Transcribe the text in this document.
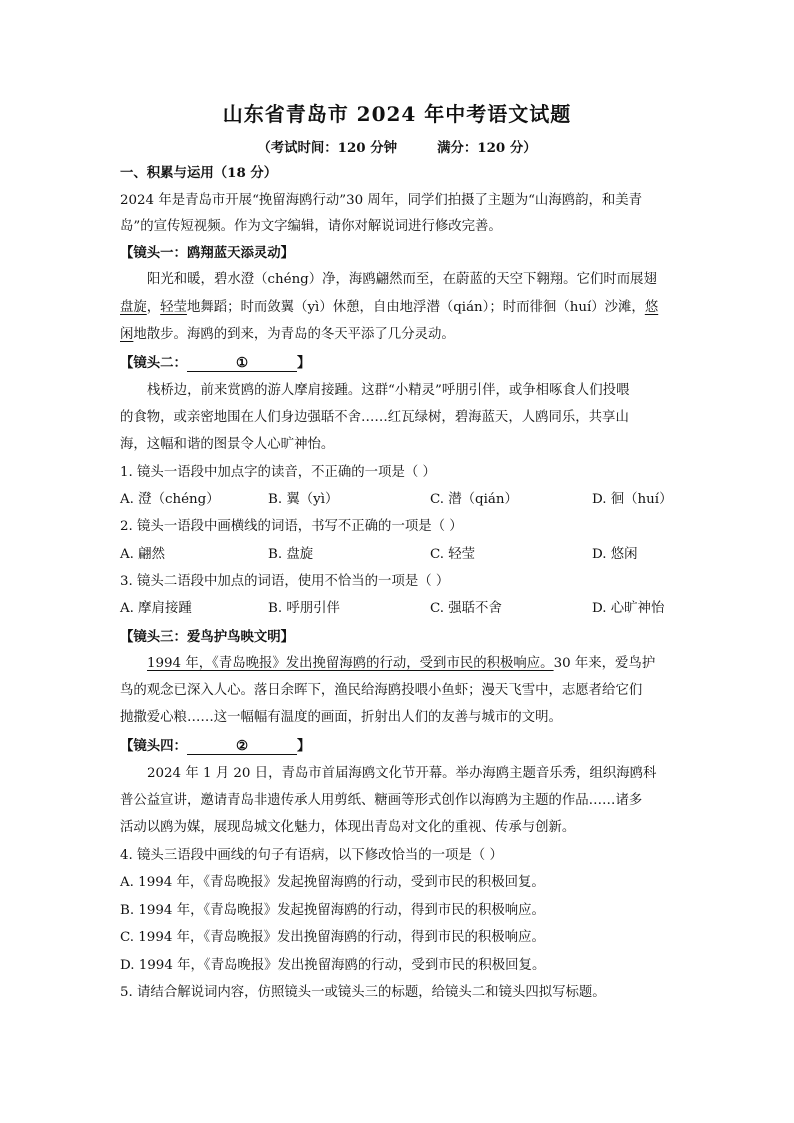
山东省青岛市 2024 年中考语文试题
（考试时间：120 分钟	满分：120 分）
一、积累与运用（18 分）
2024 年是青岛市开展“挽留海鸥行动”30 周年，同学们拍摄了主题为“山海鸥韵，和美青
岛”的宣传短视频。作为文字编辑，请你对解说词进行修改完善。
【镜头一：鸥翔蓝天添灵动】
阳光和暖，碧水澄（chéng）净，海鸥翩然而至，在蔚蓝的天空下翱翔。它们时而展翅
盘旋，轻莹地舞蹈；时而敛翼（yì）休憩，自由地浮潜（qián）；时而徘徊（huí）沙滩，悠
闲地散步。海鸥的到来，为青岛的冬天平添了几分灵动。
【镜头二：	①	】
栈桥边，前来赏鸥的游人摩肩接踵。这群“小精灵”呼朋引伴，或争相啄食人们投喂
的食物，或亲密地围在人们身边强聒不舍……红瓦绿树，碧海蓝天，人鸥同乐，共享山
海，这幅和谐的图景令人心旷神怡。
1. 镜头一语段中加点字的读音，不正确的一项是（ ）
A. 澄（chéng）	B. 翼（yì）	C. 潜（qián）	D. 徊（huí）
2. 镜头一语段中画横线的词语，书写不正确的一项是（ ）
A. 翩然	B. 盘旋	C. 轻莹	D. 悠闲
3. 镜头二语段中加点的词语，使用不恰当的一项是（ ）
A. 摩肩接踵	B. 呼朋引伴	C. 强聒不舍	D. 心旷神怡
【镜头三：爱鸟护鸟映文明】
1994 年，《青岛晚报》发出挽留海鸥的行动，受到市民的积极响应。30 年来，爱鸟护
鸟的观念已深入人心。落日余晖下，渔民给海鸥投喂小鱼虾；漫天飞雪中，志愿者给它们
抛撒爱心粮……这一幅幅有温度的画面，折射出人们的友善与城市的文明。
【镜头四：	②	】
2024 年 1 月 20 日，青岛市首届海鸥文化节开幕。举办海鸥主题音乐秀，组织海鸥科
普公益宣讲，邀请青岛非遗传承人用剪纸、糖画等形式创作以海鸥为主题的作品……诸多
活动以鸥为媒，展现岛城文化魅力，体现出青岛对文化的重视、传承与创新。
4. 镜头三语段中画线的句子有语病，以下修改恰当的一项是（ ）
A. 1994 年，《青岛晚报》发起挽留海鸥的行动，受到市民的积极回复。
B. 1994 年，《青岛晚报》发起挽留海鸥的行动，得到市民的积极响应。
C. 1994 年，《青岛晚报》发出挽留海鸥的行动，得到市民的积极响应。
D. 1994 年，《青岛晚报》发出挽留海鸥的行动，受到市民的积极回复。
5. 请结合解说词内容，仿照镜头一或镜头三的标题，给镜头二和镜头四拟写标题。
